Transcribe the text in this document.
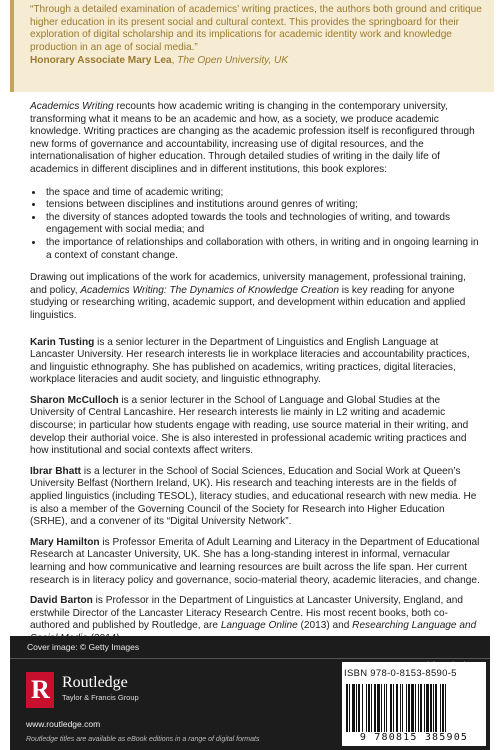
“Through a detailed examination of academics’ writing practices, the authors both ground and critique higher education in its present social and cultural context. This provides the springboard for their exploration of digital scholarship and its implications for academic identity work and knowledge production in an age of social media.”

Honorary Associate Mary Lea, The Open University, UK

Academics Writing recounts how academic writing is changing in the contemporary university, transforming what it means to be an academic and how, as a society, we produce academic knowledge. Writing practices are changing as the academic profession itself is reconfigured through new forms of governance and accountability, increasing use of digital resources, and the internationalisation of higher education. Through detailed studies of writing in the daily life of academics in different disciplines and in different institutions, this book explores:

• the space and time of academic writing;
• tensions between disciplines and institutions around genres of writing;
• the diversity of stances adopted towards the tools and technologies of writing, and towards engagement with social media; and
• the importance of relationships and collaboration with others, in writing and in ongoing learning in a context of constant change.

Drawing out implications of the work for academics, university management, professional training, and policy, Academics Writing: The Dynamics of Knowledge Creation is key reading for anyone studying or researching writing, academic support, and development within education and applied linguistics.

Karin Tusting is a senior lecturer in the Department of Linguistics and English Language at Lancaster University. Her research interests lie in workplace literacies and accountability practices, and linguistic ethnography. She has published on academics, writing practices, digital literacies, workplace literacies and audit society, and linguistic ethnography.

Sharon McCulloch is a senior lecturer in the School of Language and Global Studies at the University of Central Lancashire. Her research interests lie mainly in L2 writing and academic discourse; in particular how students engage with reading, use source material in their writing, and develop their authorial voice. She is also interested in professional academic writing practices and how institutional and social contexts affect writers.

Ibrar Bhatt is a lecturer in the School of Social Sciences, Education and Social Work at Queen’s University Belfast (Northern Ireland, UK). His research and teaching interests are in the fields of applied linguistics (including TESOL), literacy studies, and educational research with new media. He is also a member of the Governing Council of the Society for Research into Higher Education (SRHE), and a convener of its “Digital University Network”.

Mary Hamilton is Professor Emerita of Adult Learning and Literacy in the Department of Educational Research at Lancaster University, UK. She has a long-standing interest in informal, vernacular learning and how communicative and learning resources are built across the life span. Her current research is in literacy policy and governance, socio-material theory, academic literacies, and change.

David Barton is Professor in the Department of Linguistics at Lancaster University, England, and erstwhile Director of the Lancaster Literacy Research Centre. His most recent books, both co-authored and published by Routledge, are Language Online (2013) and Researching Language and

Cover image: © Getty Images
R Routledge
Taylor & Francis Group
www.routledge.com
Routledge titles are available as eBook editions in a range of digital formats
ISBN 978-0-8153-8590-5
9 780815 385905
